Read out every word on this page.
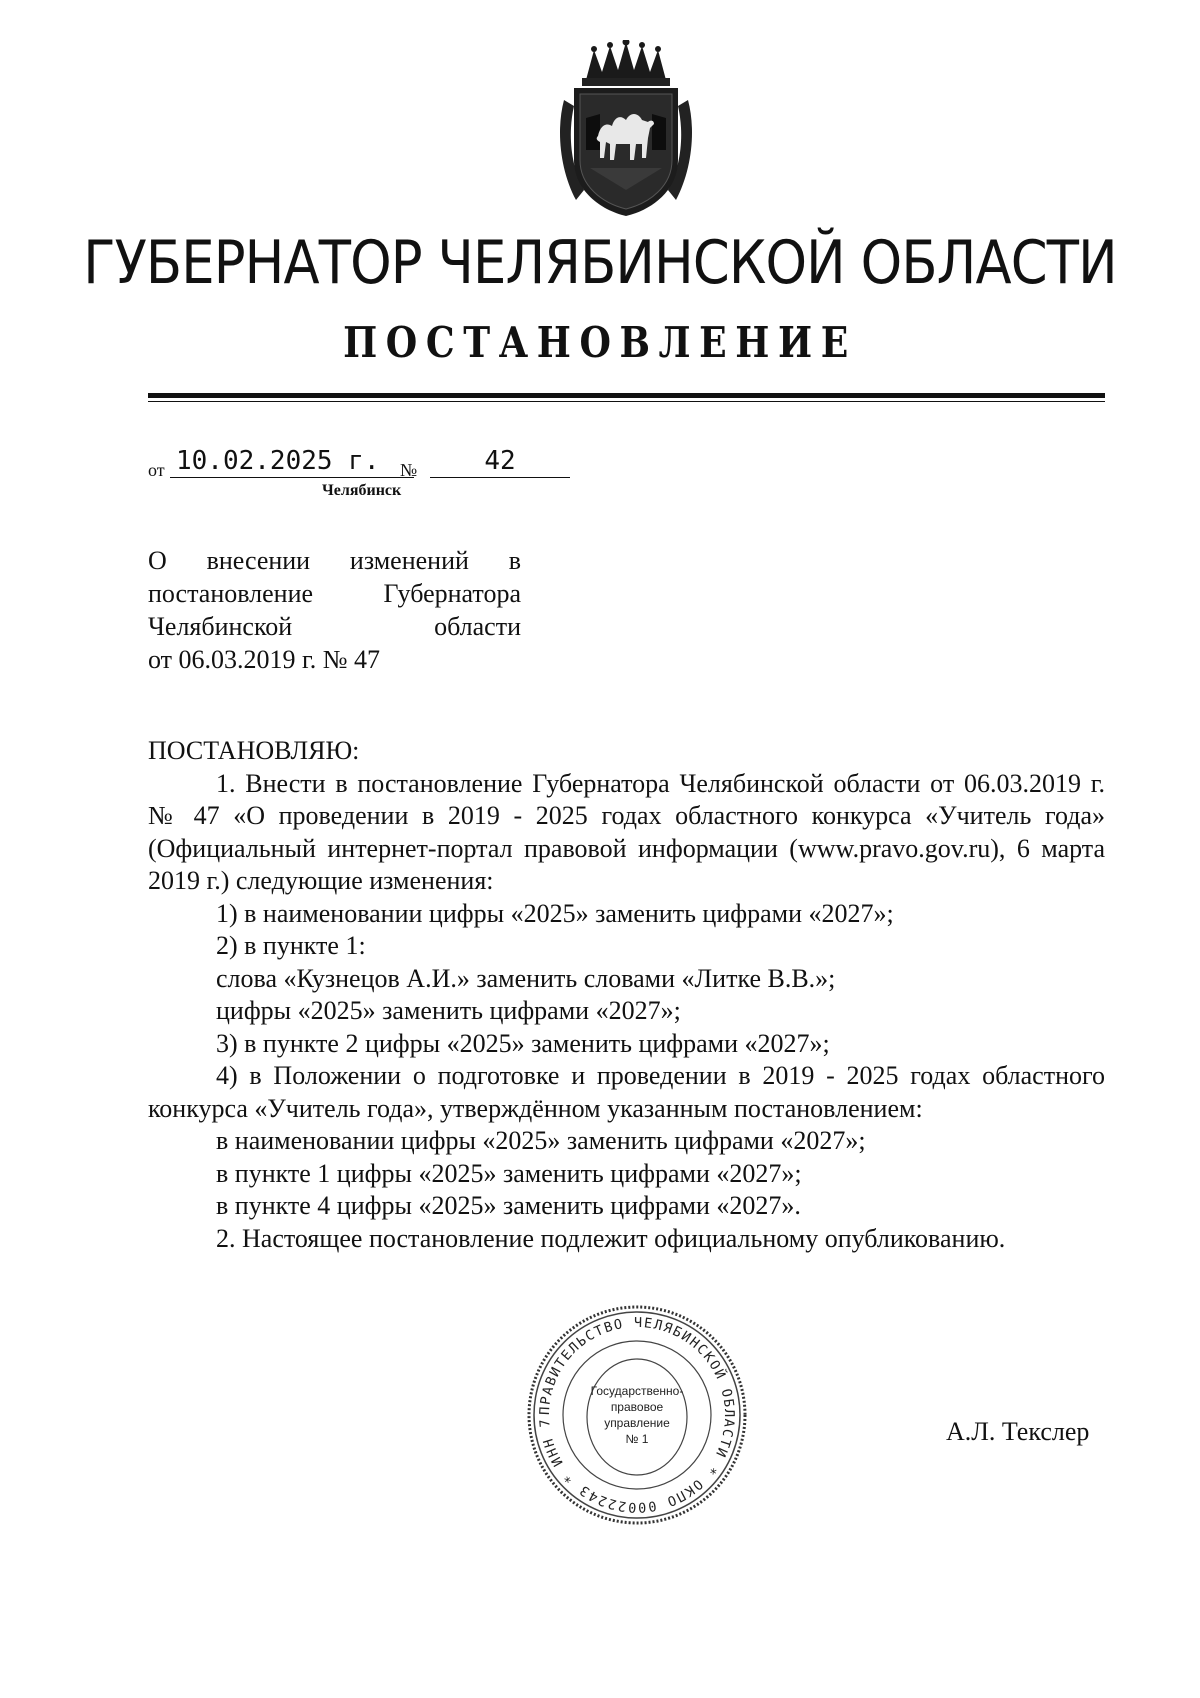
ГУБЕРНАТОР ЧЕЛЯБИНСКОЙ ОБЛАСТИ
ПОСТАНОВЛЕНИЕ
от 10.02.2025 г.	№	42
Челябинск
О внесении изменений в
постановление Губернатора
Челябинской области
от 06.03.2019 г. № 47

ПОСТАНОВЛЯЮ:

1. Внести в постановление Губернатора Челябинской области от 06.03.2019 г. № 47 «О проведении в 2019 - 2025 годах областного конкурса «Учитель года» (Официальный интернет-портал правовой информации (www.pravo.gov.ru), 6 марта 2019 г.) следующие изменения:

1) в наименовании цифры «2025» заменить цифрами «2027»;

2) в пункте 1:

слова «Кузнецов А.И.» заменить словами «Литке В.В.»;

цифры «2025» заменить цифрами «2027»;

3) в пункте 2 цифры «2025» заменить цифрами «2027»;

4) в Положении о подготовке и проведении в 2019 - 2025 годах областного конкурса «Учитель года», утверждённом указанным постановлением:

в наименовании цифры «2025» заменить цифрами «2027»;

в пункте 1 цифры «2025» заменить цифрами «2027»;

в пункте 4 цифры «2025» заменить цифрами «2027».

2. Настоящее постановление подлежит официальному опубликованию.

ПРАВИТЕЛЬСТВО ЧЕЛЯБИНСКОЙ ОБЛАСТИ * ОКПО 00022243 * ИНН 7
Государственно-
правовое
управление
№ 1	А.Л. Текслер
